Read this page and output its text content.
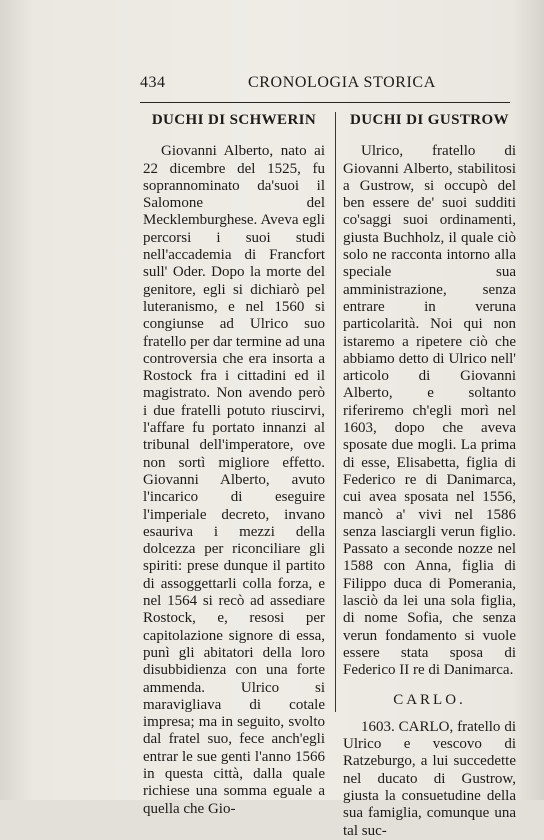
434	CRONOLOGIA STORICA
DUCHI DI SCHWERIN

Giovanni Alberto, nato ai 22 dicembre del 1525, fu soprannominato da'suoi il Salomone del Mecklemburghese. Aveva egli percorsi i suoi studi nell'accademia di Francfort sull' Oder. Dopo la morte del genitore, egli si dichiarò pel luteranismo, e nel 1560 si congiunse ad Ulrico suo fratello per dar termine ad una controversia che era insorta a Rostock fra i cittadini ed il magistrato. Non avendo però i due fratelli potuto riuscirvi, l'affare fu portato innanzi al tribunal dell'imperatore, ove non sortì migliore effetto. Giovanni Alberto, avuto l'incarico di eseguire l'imperiale decreto, invano esauriva i mezzi della dolcezza per riconciliare gli spiriti: prese dunque il partito di assoggettarli colla forza, e nel 1564 si recò ad assediare Rostock, e, resosi per capitolazione signore di essa, punì gli abitatori della loro disubbidienza con una forte ammenda. Ulrico si maravigliava di cotale impresa; ma in seguito, svolto dal fratel suo, fece anch'egli entrar le sue genti l'anno 1566 in questa città, dalla quale richiese una somma eguale a quella che Gio-

DUCHI DI GUSTROW

Ulrico, fratello di Giovanni Alberto, stabilitosi a Gustrow, si occupò del ben essere de' suoi sudditi co'saggi suoi ordinamenti, giusta Buchholz, il quale ciò solo ne racconta intorno alla speciale sua amministrazione, senza entrare in veruna particolarità. Noi qui non istaremo a ripetere ciò che abbiamo detto di Ulrico nell' articolo di Giovanni Alberto, e soltanto riferiremo ch'egli morì nel 1603, dopo che aveva sposate due mogli. La prima di esse, Elisabetta, figlia di Federico re di Danimarca, cui avea sposata nel 1556, mancò a' vivi nel 1586 senza lasciargli verun figlio. Passato a seconde nozze nel 1588 con Anna, figlia di Filippo duca di Pomerania, lasciò da lei una sola figlia, di nome Sofia, che senza verun fondamento si vuole essere stata sposa di Federico II re di Danimarca.

CARLO.

1603. CARLO, fratello di Ulrico e vescovo di Ratzeburgo, a lui succedette nel ducato di Gustrow, giusta la consuetudine della sua famiglia, comunque una tal suc-
